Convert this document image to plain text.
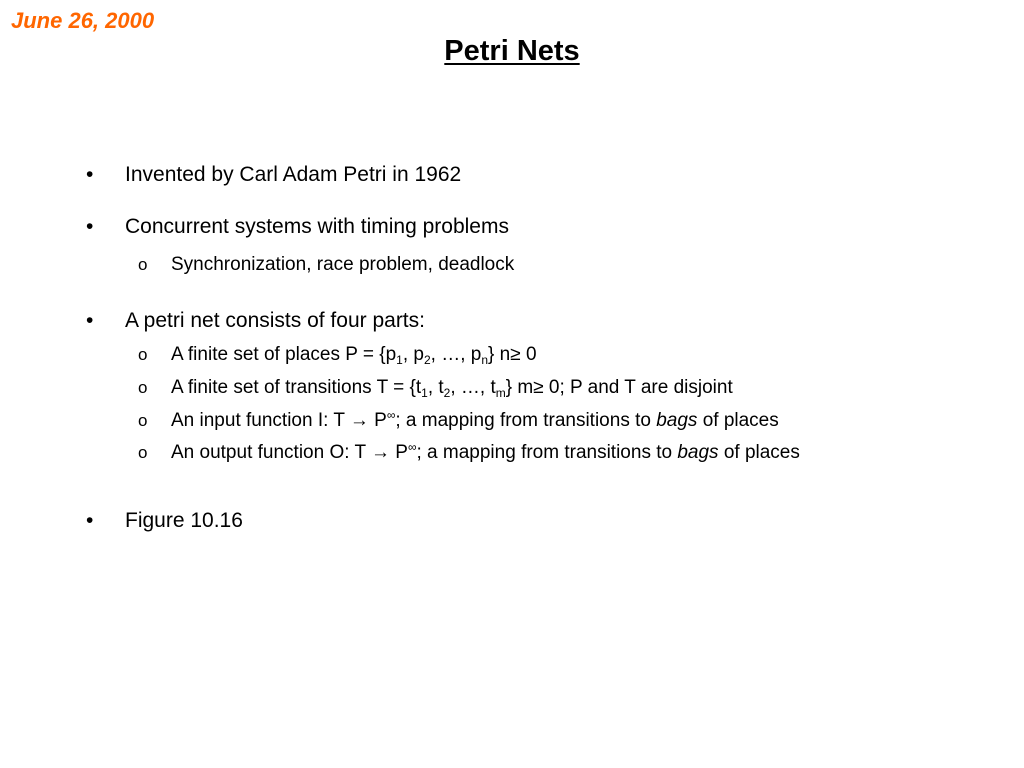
June 26, 2000
Petri Nets
• Invented by Carl Adam Petri in 1962
• Concurrent systems with timing problems
o Synchronization, race problem, deadlock
• A petri net consists of four parts:
o A finite set of places $P = \{p_1$, $p_2$, …, $p_n$} n≥ 0
o A finite set of transitions $T = \{t_1$, $t_2$, …, $t_m$} m≥ 0; P and T are disjoint
o An input function I: T → P∞; a mapping from transitions to bags of places
o An output function O: T → P∞; a mapping from transitions to bags of places
• Figure 10.16
